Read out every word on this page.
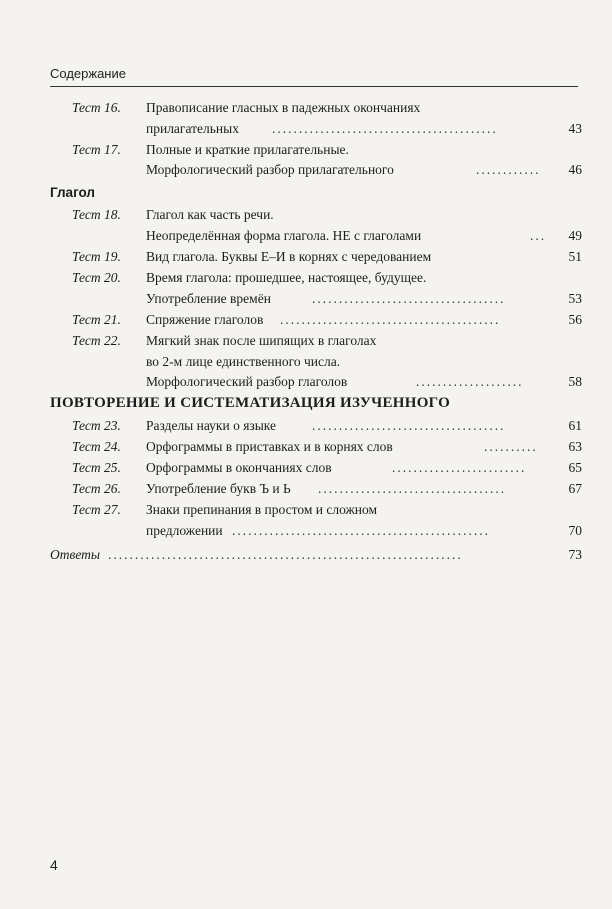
Содержание
Тест 16.	Правописание гласных в падежных окончаниях
прилагательных ..........................................	43
Тест 17.	Полные и краткие прилагательные.
Морфологический разбор прилагательного	............	46
Глагол
Тест 18.	Глагол как часть речи.
Неопределённая форма глагола. НЕ с глаголами	...	49
Тест 19.	Вид глагола. Буквы Е–И в корнях с чередованием	51
Тест 20.	Время глагола: прошедшее, настоящее, будущее.
Употребление времён	....................................	53
Тест 21.	Спряжение глаголов .........................................	56
Тест 22.	Мягкий знак после шипящих в глаголах
во 2-м лице единственного числа.
Морфологический разбор глаголов	....................	58
ПОВТОРЕНИЕ И СИСТЕМАТИЗАЦИЯ ИЗУЧЕННОГО
Тест 23.	Разделы науки о языке	....................................	61
Тест 24.	Орфограммы в приставках и в корнях слов	..........	63
Тест 25.	Орфограммы в окончаниях слов	.........................	65
Тест 26.	Употребление букв Ъ и Ь ...................................	67
Тест 27.	Знаки препинания в простом и сложном
предложении ................................................	70
Ответы ..................................................................	73
4
